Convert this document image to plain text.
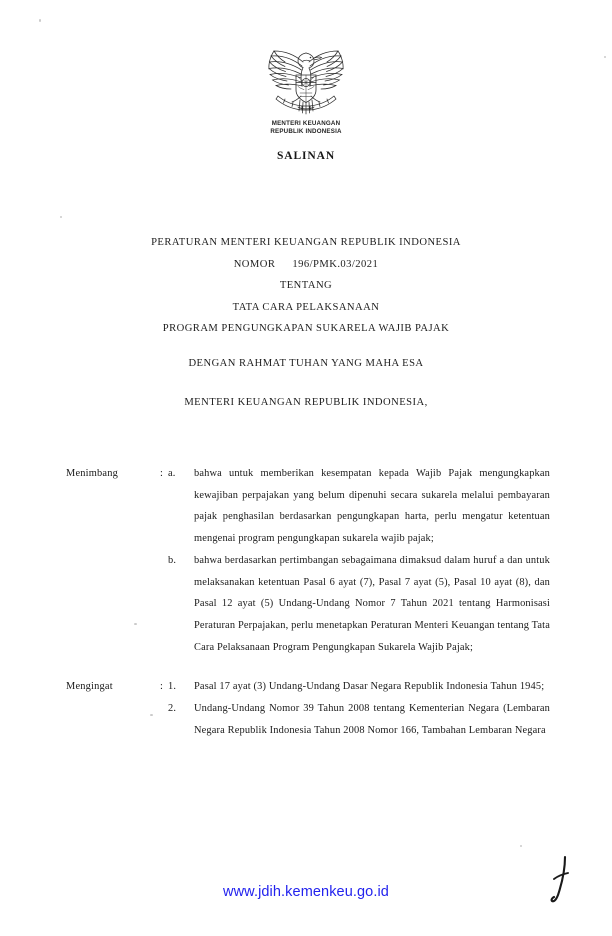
MENTERI KEUANGAN
REPUBLIK INDONESIA
SALINAN
PERATURAN MENTERI KEUANGAN REPUBLIK INDONESIA
NOMOR 196/PMK.03/2021
TENTANG
TATA CARA PELAKSANAAN
PROGRAM PENGUNGKAPAN SUKARELA WAJIB PAJAK
DENGAN RAHMAT TUHAN YANG MAHA ESA
MENTERI KEUANGAN REPUBLIK INDONESIA,
Menimbang	: a.	bahwa untuk memberikan kesempatan kepada Wajib Pajak mengungkapkan kewajiban perpajakan yang belum dipenuhi secara sukarela melalui pembayaran pajak penghasilan berdasarkan pengungkapan harta, perlu mengatur ketentuan mengenai program pengungkapan sukarela wajib pajak;
b.	bahwa berdasarkan pertimbangan sebagaimana dimaksud dalam huruf a dan untuk melaksanakan ketentuan Pasal 6 ayat (7), Pasal 7 ayat (5), Pasal 10 ayat (8), dan Pasal 12 ayat (5) Undang-Undang Nomor 7 Tahun 2021 tentang Harmonisasi Peraturan Perpajakan, perlu menetapkan Peraturan Menteri Keuangan tentang Tata Cara Pelaksanaan Program Pengungkapan Sukarela Wajib Pajak;
Mengingat	: 1.	Pasal 17 ayat (3) Undang-Undang Dasar Negara Republik Indonesia Tahun 1945;
2.	Undang-Undang Nomor 39 Tahun 2008 tentang Kementerian Negara (Lembaran Negara Republik Indonesia Tahun 2008 Nomor 166, Tambahan Lembaran Negara
www.jdih.kemenkeu.go.id
